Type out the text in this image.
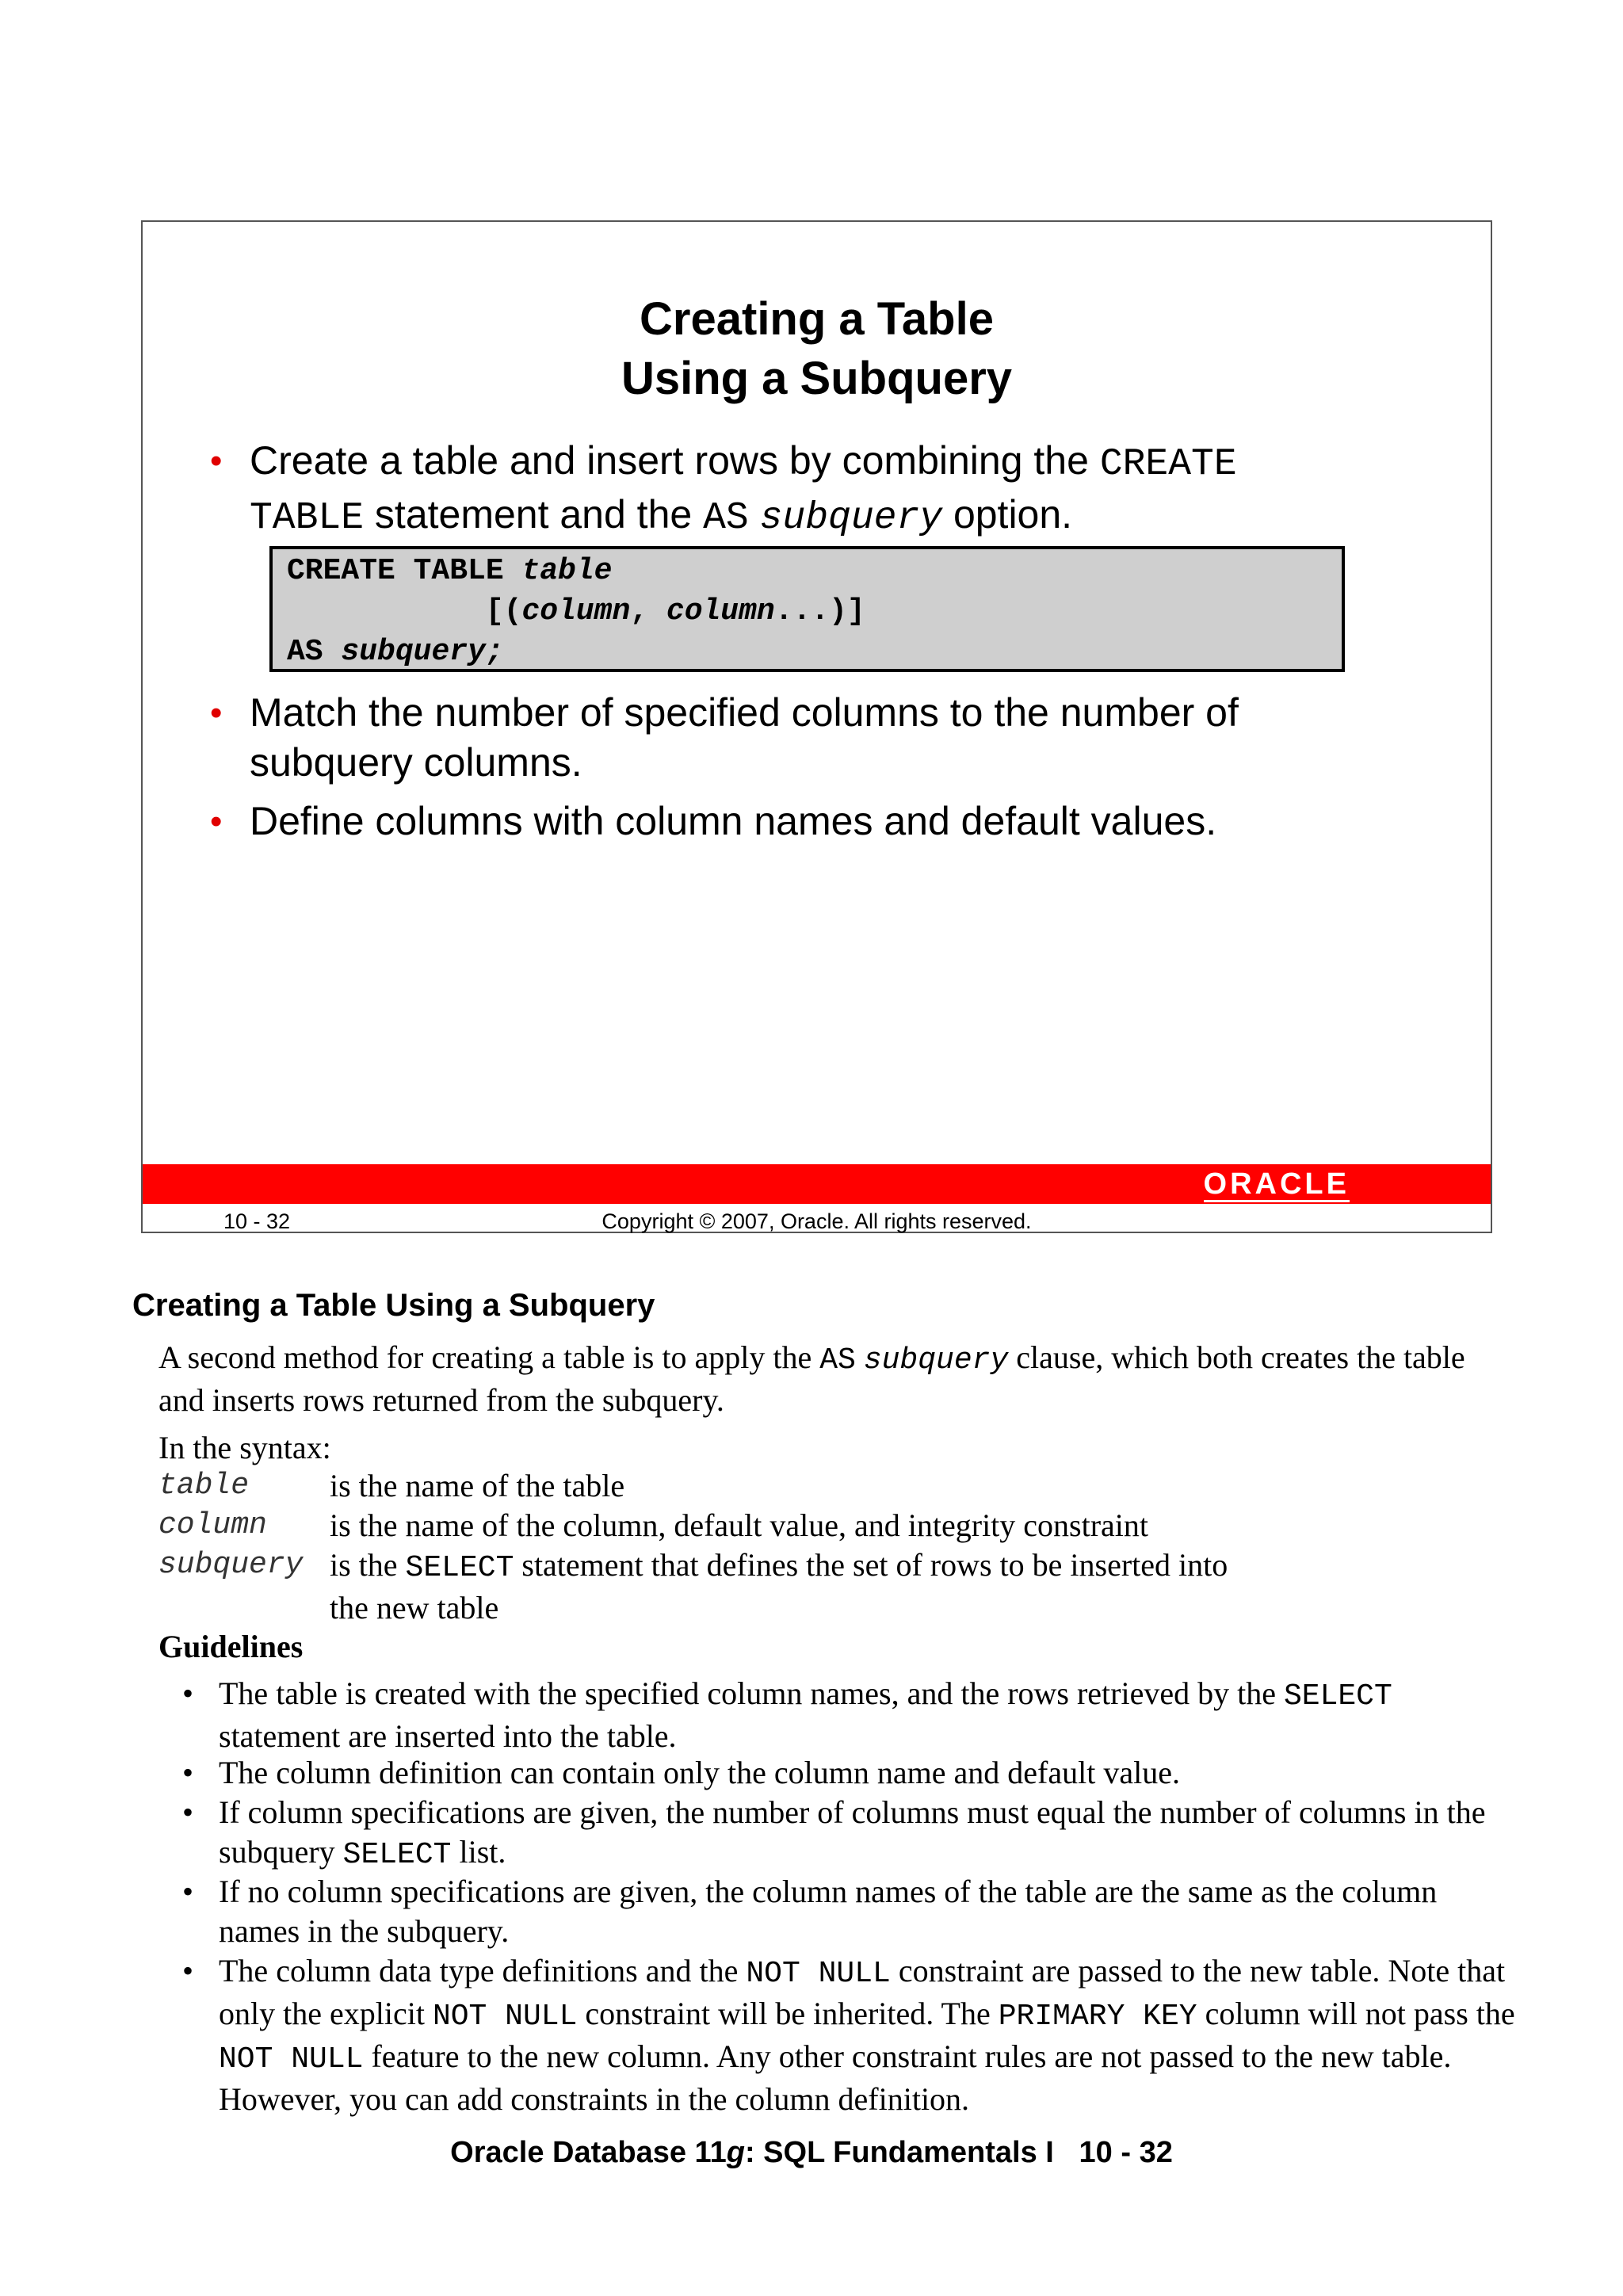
Creating a Table
Using a Subquery
• Create a table and insert rows by combining the CREATE
TABLE statement and the AS subquery option.
CREATE TABLE table
[(column, column...)]
AS subquery;
• Match the number of specified columns to the number of subquery columns.
• Define columns with column names and default values.
ORACLE
10 - 32	Copyright © 2007, Oracle. All rights reserved.
Creating a Table Using a Subquery
A second method for creating a table is to apply the AS subquery clause, which both creates the table and inserts rows returned from the subquery.
In the syntax:
table	is the name of the table
column is the name of the column, default value, and integrity constraint
subquery is the SELECT statement that defines the set of rows to be inserted into
the new table
Guidelines
• The table is created with the specified column names, and the rows retrieved by the SELECT statement are inserted into the table.
• The column definition can contain only the column name and default value.
• If column specifications are given, the number of columns must equal the number of columns in the subquery SELECT list.
• If no column specifications are given, the column names of the table are the same as the column names in the subquery.
• The column data type definitions and the NOT NULL constraint are passed to the new table. Note that only the explicit NOT NULL constraint will be inherited. The PRIMARY KEY column will not pass the NOT NULL feature to the new column. Any other constraint rules are not passed to the new table. However, you can add constraints in the column definition.
Oracle Database 11g: SQL Fundamentals I   10 - 32
